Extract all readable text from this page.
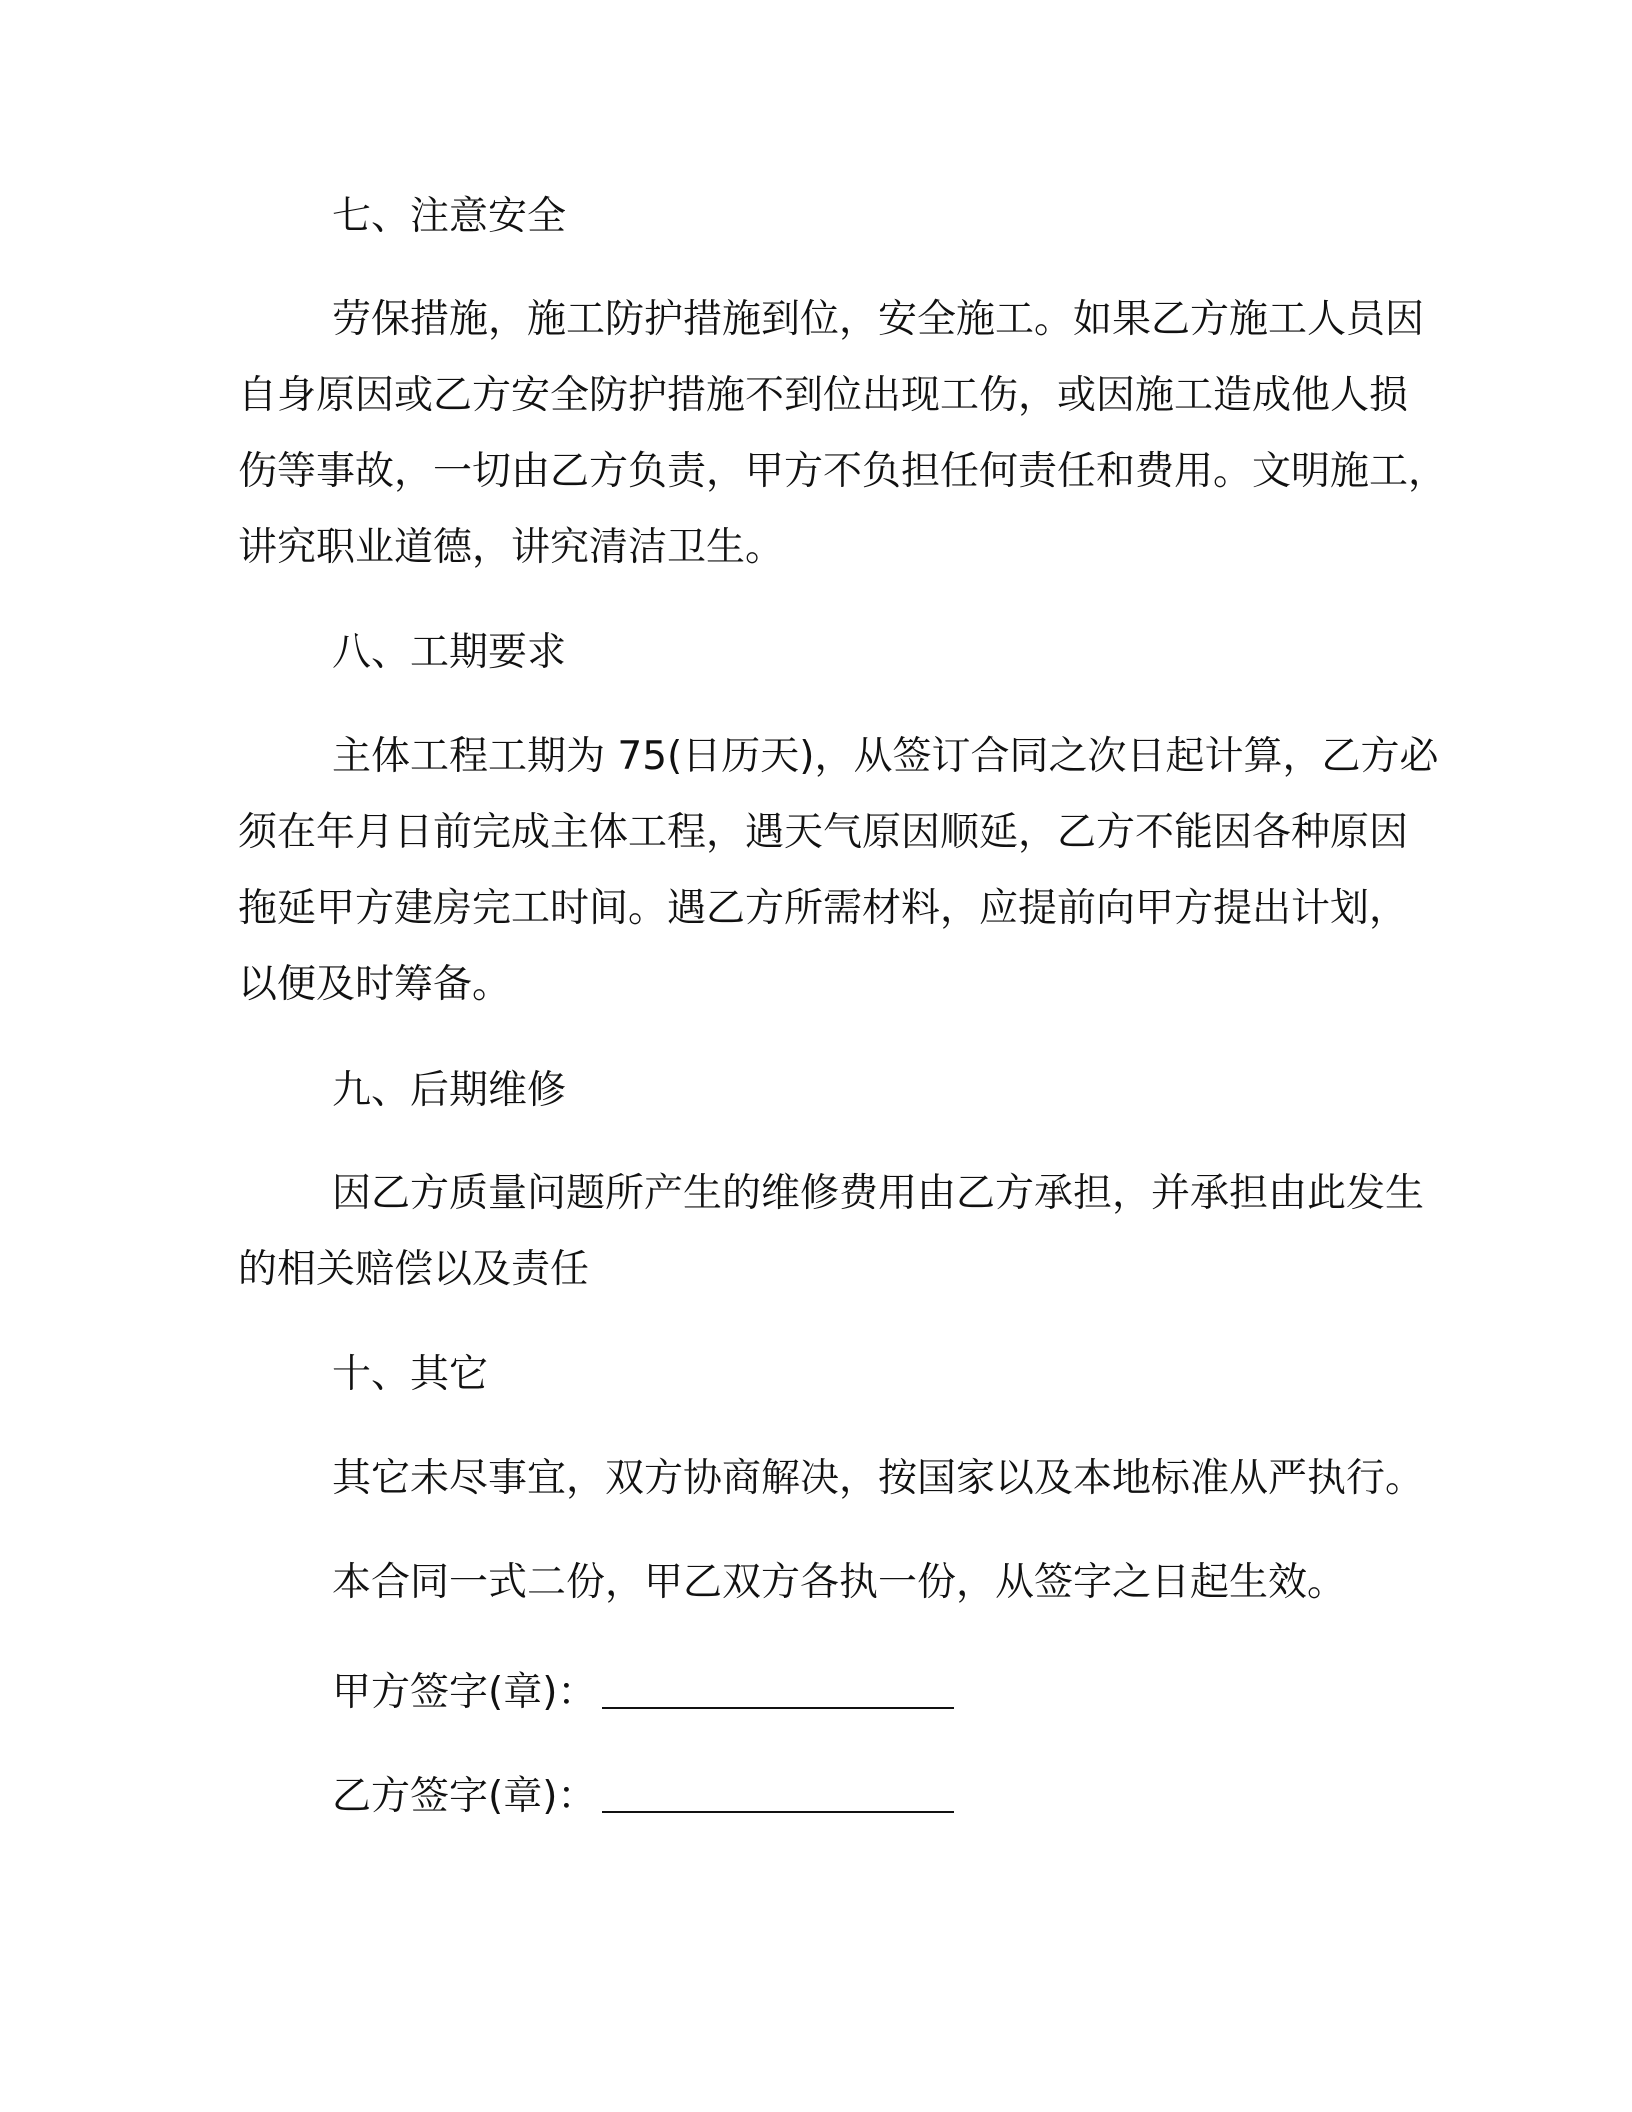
七、注意安全
劳保措施，施工防护措施到位，安全施工。如果乙方施工人员因
自身原因或乙方安全防护措施不到位出现工伤，或因施工造成他人损
伤等事故，一切由乙方负责，甲方不负担任何责任和费用。文明施工，
讲究职业道德，讲究清洁卫生。
八、工期要求
主体工程工期为 75(日历天)，从签订合同之次日起计算，乙方必
须在年月日前完成主体工程，遇天气原因顺延，乙方不能因各种原因
拖延甲方建房完工时间。遇乙方所需材料，应提前向甲方提出计划，
以便及时筹备。
九、后期维修
因乙方质量问题所产生的维修费用由乙方承担，并承担由此发生
的相关赔偿以及责任
十、其它
其它未尽事宜，双方协商解决，按国家以及本地标准从严执行。
本合同一式二份，甲乙双方各执一份，从签字之日起生效。
甲方签字(章)：
乙方签字(章)：
